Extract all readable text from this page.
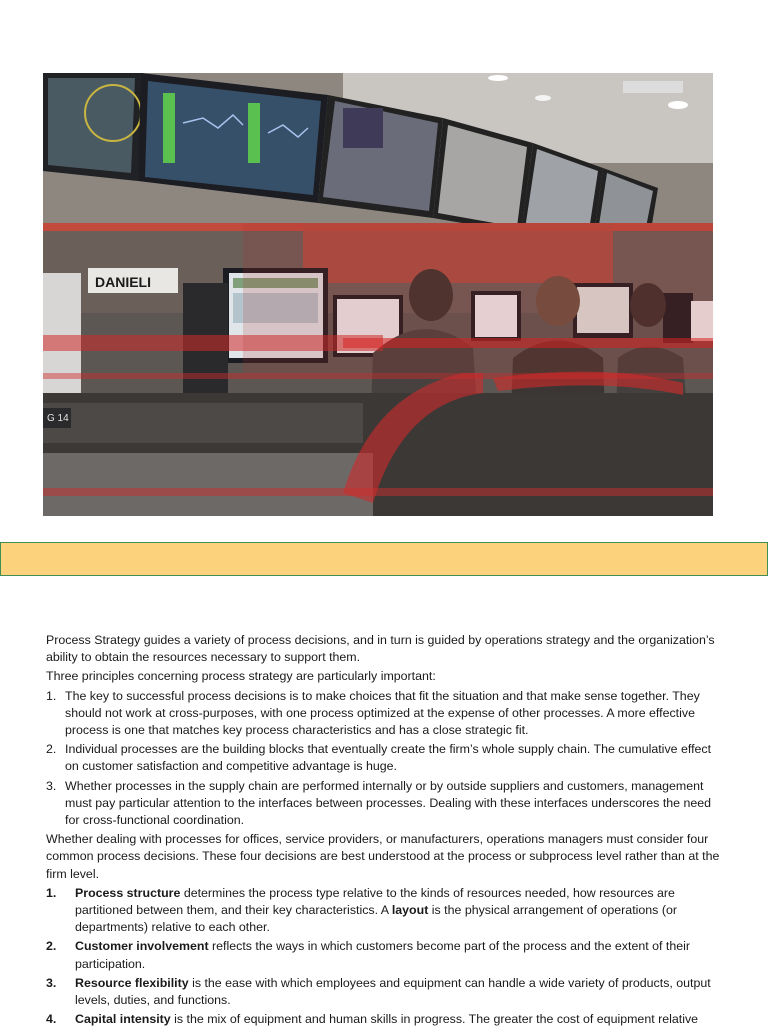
DANIELI
G 14

Process Strategy guides a variety of process decisions, and in turn is guided by operations strategy and the organization’s ability to obtain the resources necessary to support them.

Three principles concerning process strategy are particularly important:

1. The key to successful process decisions is to make choices that fit the situation and that make sense together. They should not work at cross-purposes, with one process optimized at the expense of other processes. A more effective process is one that matches key process characteristics and has a close strategic fit.
2. Individual processes are the building blocks that eventually create the firm’s whole supply chain. The cumulative effect on customer satisfaction and competitive advantage is huge.
3. Whether processes in the supply chain are performed internally or by outside suppliers and customers, management must pay particular attention to the interfaces between processes. Dealing with these interfaces underscores the need for cross-functional coordination.

Whether dealing with processes for offices, service providers, or manufacturers, operations managers must consider four common process decisions. These four decisions are best understood at the process or subprocess level rather than at the firm level.

1. Process structure determines the process type relative to the kinds of resources needed, how resources are partitioned between them, and their key characteristics. A layout is the physical arrangement of operations (or departments) relative to each other.
2. Customer involvement reflects the ways in which customers become part of the process and the extent of their participation.
3. Resource flexibility is the ease with which employees and equipment can handle a wide variety of products, output levels, duties, and functions.
4. Capital intensity is the mix of equipment and human skills in progress. The greater the cost of equipment relative
